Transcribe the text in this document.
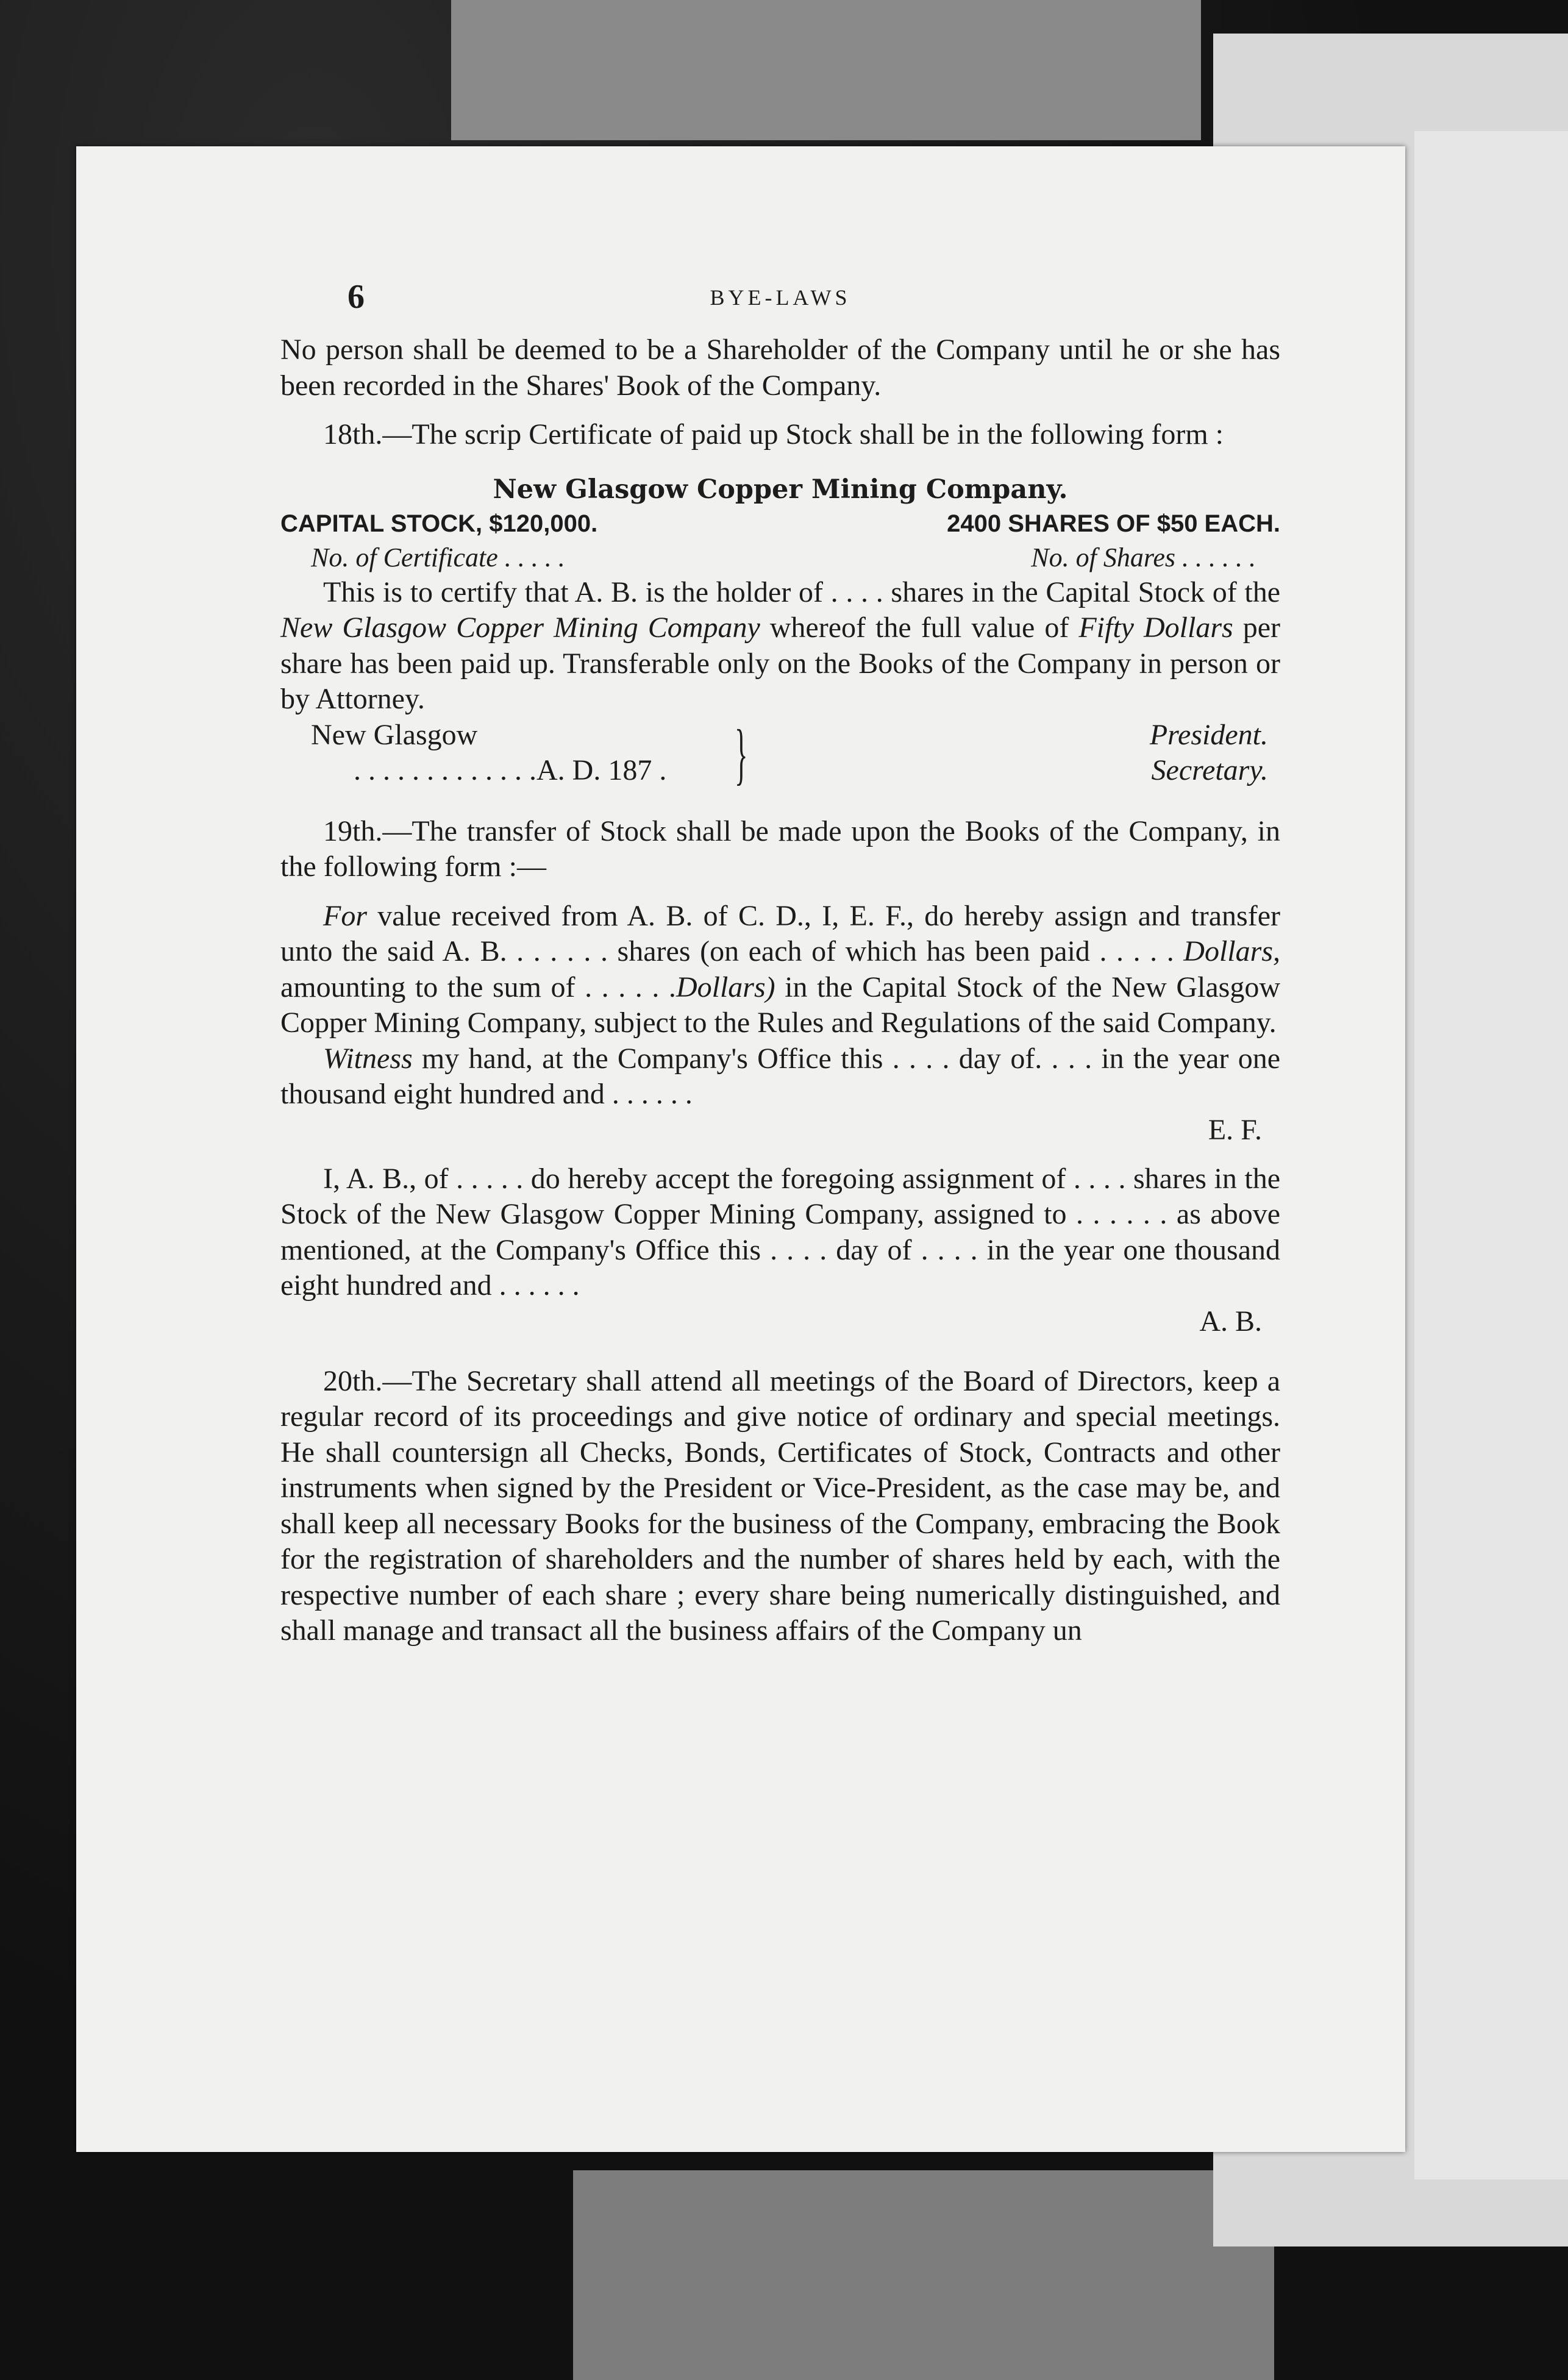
6	BYE-LAWS

No person shall be deemed to be a Shareholder of the Company until he or she has been recorded in the Shares' Book of the Company.

18th.—The scrip Certificate of paid up Stock shall be in the following form :

New Glasgow Copper Mining Company.
CAPITAL STOCK, $120,000.	2400 SHARES OF $50 EACH.
No. of Certificate . . . . .	No. of Shares . . . . . .

This is to certify that A. B. is the holder of . . . . shares in the Capital Stock of the New Glasgow Copper Mining Company whereof the full value of Fifty Dollars per share has been paid up. Transferable only on the Books of the Company in person or by Attorney.

New Glasgow
. . . . . . . . . . . . .A. D. 187 . }	President.
Secretary.

19th.—The transfer of Stock shall be made upon the Books of the Company, in the following form :—

For value received from A. B. of C. D., I, E. F., do hereby assign and transfer unto the said A. B. . . . . . . shares (on each of which has been paid . . . . . Dollars, amounting to the sum of . . . . . .Dollars) in the Capital Stock of the New Glasgow Copper Mining Company, subject to the Rules and Regulations of the said Company.

Witness my hand, at the Company's Office this . . . . day of. . . . in the year one thousand eight hundred and . . . . . .

E. F.

I, A. B., of . . . . . do hereby accept the foregoing assignment of . . . . shares in the Stock of the New Glasgow Copper Mining Company, assigned to . . . . . . as above mentioned, at the Company's Office this . . . . day of . . . . in the year one thousand eight hundred and . . . . . .

A. B.

20th.—The Secretary shall attend all meetings of the Board of Directors, keep a regular record of its proceedings and give notice of ordinary and special meetings. He shall countersign all Checks, Bonds, Certificates of Stock, Contracts and other instruments when signed by the President or Vice-President, as the case may be, and shall keep all necessary Books for the business of the Company, embracing the Book for the registration of shareholders and the number of shares held by each, with the respective number of each share ; every share being numerically distinguished, and shall manage and transact all the business affairs of the Company un
